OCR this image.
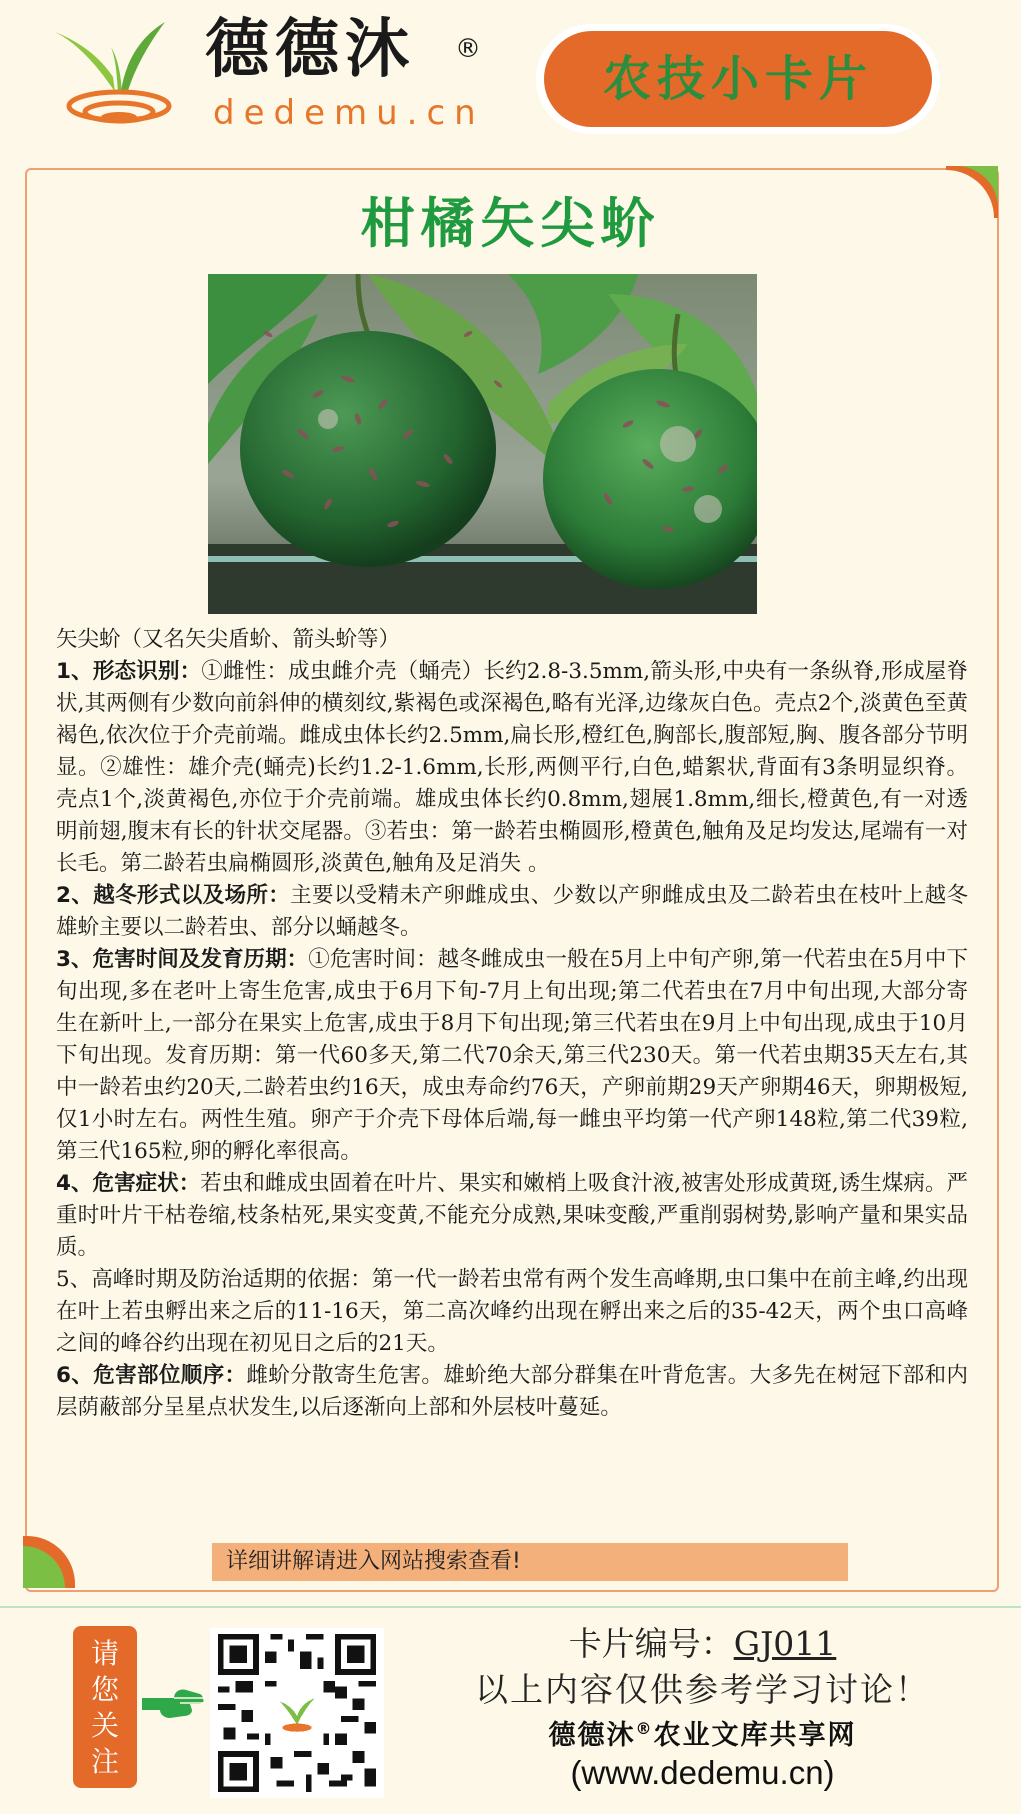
德德沐 ®
dedemu.cn
农技小卡片
柑橘矢尖蚧

矢尖蚧（又名矢尖盾蚧、箭头蚧等）

1、形态识别：①雌性：成虫雌介壳（蛹壳）长约2.8-3.5mm,箭头形,中央有一条纵脊,形成屋脊状,其两侧有少数向前斜伸的横刻纹,紫褐色或深褐色,略有光泽,边缘灰白色。壳点2个,淡黄色至黄褐色,依次位于介壳前端。雌成虫体长约2.5mm,扁长形,橙红色,胸部长,腹部短,胸、腹各部分节明显。②雄性：雄介壳(蛹壳)长约1.2-1.6mm,长形,两侧平行,白色,蜡絮状,背面有3条明显织脊。壳点1个,淡黄褐色,亦位于介壳前端。雄成虫体长约0.8mm,翅展1.8mm,细长,橙黄色,有一对透明前翅,腹末有长的针状交尾器。③若虫：第一龄若虫椭圆形,橙黄色,触角及足均发达,尾端有一对长毛。第二龄若虫扁椭圆形,淡黄色,触角及足消失 。

2、越冬形式以及场所：主要以受精未产卵雌成虫、少数以产卵雌成虫及二龄若虫在枝叶上越冬雄蚧主要以二龄若虫、部分以蛹越冬。

3、危害时间及发育历期：①危害时间：越冬雌成虫一般在5月上中旬产卵,第一代若虫在5月中下旬出现,多在老叶上寄生危害,成虫于6月下旬-7月上旬出现;第二代若虫在7月中旬出现,大部分寄生在新叶上,一部分在果实上危害,成虫于8月下旬出现;第三代若虫在9月上中旬出现,成虫于10月下旬出现。发育历期：第一代60多天,第二代70余天,第三代230天。第一代若虫期35天左右,其中一龄若虫约20天,二龄若虫约16天，成虫寿命约76天，产卵前期29天产卵期46天，卵期极短,仅1小时左右。两性生殖。卵产于介壳下母体后端,每一雌虫平均第一代产卵148粒,第二代39粒,第三代165粒,卵的孵化率很高。

4、危害症状：若虫和雌成虫固着在叶片、果实和嫩梢上吸食汁液,被害处形成黄斑,诱生煤病。严重时叶片干枯卷缩,枝条枯死,果实变黄,不能充分成熟,果味变酸,严重削弱树势,影响产量和果实品质。

5、高峰时期及防治适期的依据：第一代一龄若虫常有两个发生高峰期,虫口集中在前主峰,约出现在叶上若虫孵出来之后的11-16天，第二高次峰约出现在孵出来之后的35-42天，两个虫口高峰之间的峰谷约出现在初见日之后的21天。

6、危害部位顺序：雌蚧分散寄生危害。雄蚧绝大部分群集在叶背危害。大多先在树冠下部和内层荫蔽部分呈星点状发生,以后逐渐向上部和外层枝叶蔓延。

详细讲解请进入网站搜索查看!
请
您
关
注
卡片编号：GJ011
以上内容仅供参考学习讨论！
德德沐®农业文库共享网
(www.dedemu.cn)
